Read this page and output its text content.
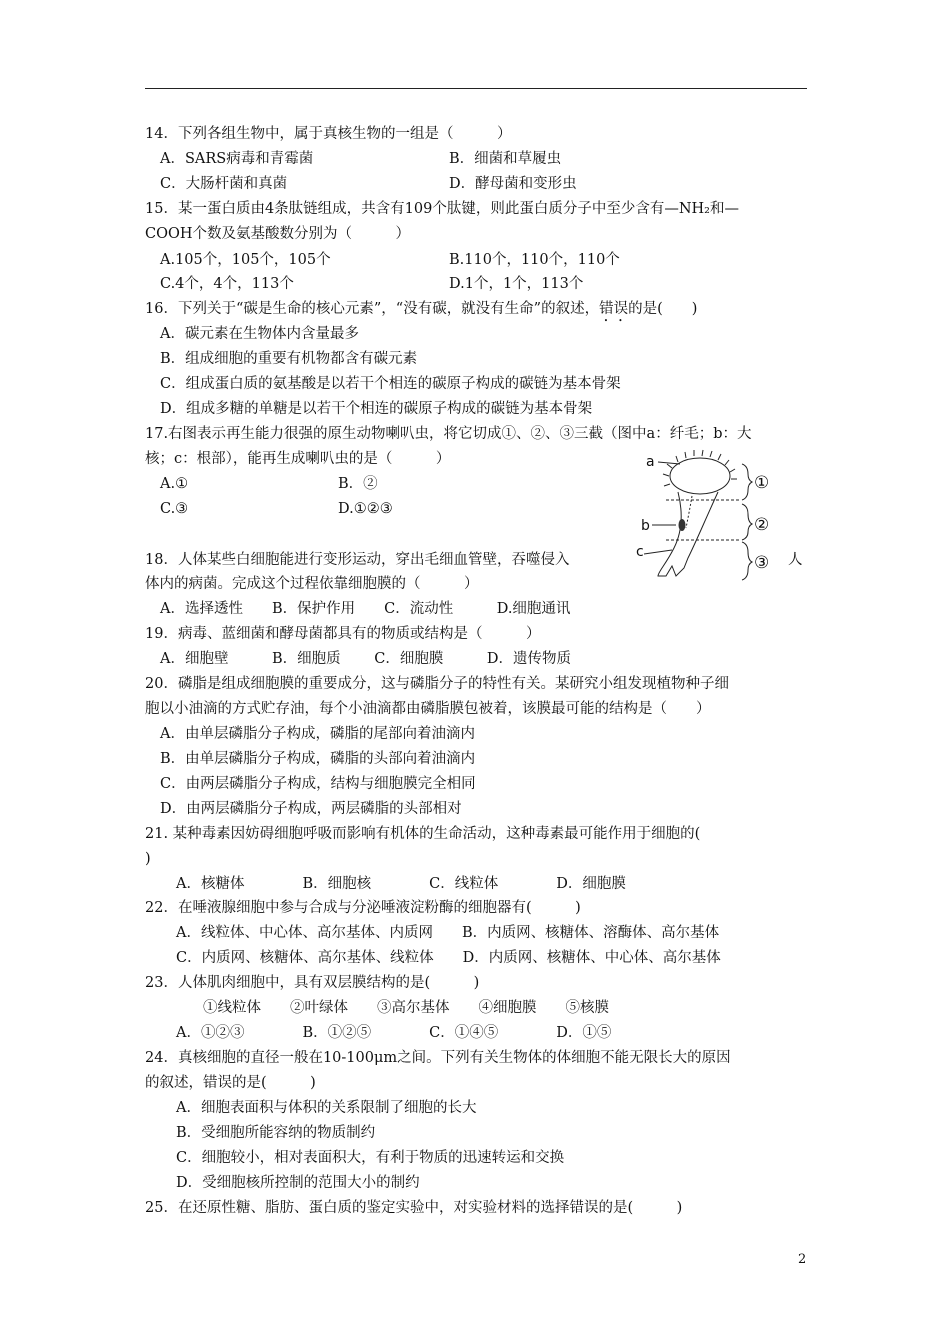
14．下列各组生物中，属于真核生物的一组是（　　　）
A．SARS病毒和青霉菌	B．细菌和草履虫
C．大肠杆菌和真菌	D．酵母菌和变形虫
15．某一蛋白质由4条肽链组成，共含有109个肽键，则此蛋白质分子中至少含有—NH₂和—
COOH个数及氨基酸数分别为（　　　）
A.105个，105个，105个	B.110个，110个，110个
C.4个，4个，113个	D.1个，1个，113个
16．下列关于“碳是生命的核心元素”，“没有碳，就没有生命”的叙述，错误的是(　　)
A．碳元素在生物体内含量最多
B．组成细胞的重要有机物都含有碳元素
C．组成蛋白质的氨基酸是以若干个相连的碳原子构成的碳链为基本骨架
D．组成多糖的单糖是以若干个相连的碳原子构成的碳链为基本骨架
17.右图表示再生能力很强的原生动物喇叭虫，将它切成①、②、③三截（图中a：纤毛；b：大
核；c：根部），能再生成喇叭虫的是（　　　）
A.①	B．②
C.③	D.①②③
a
b
c
①
②
③
18．人体某些白细胞能进行变形运动，穿出毛细血管壁，吞噬侵入	人
体内的病菌。完成这个过程依靠细胞膜的（　　　）
A．选择透性　　B．保护作用　　C．流动性　　　D.细胞通讯
19．病毒、蓝细菌和酵母菌都具有的物质或结构是（　　　）
A．细胞壁　　　B．细胞质　　 C．细胞膜　　　D．遗传物质
20．磷脂是组成细胞膜的重要成分，这与磷脂分子的特性有关。某研究小组发现植物种子细
胞以小油滴的方式贮存油，每个小油滴都由磷脂膜包被着，该膜最可能的结构是（　　）
A．由单层磷脂分子构成，磷脂的尾部向着油滴内
B．由单层磷脂分子构成，磷脂的头部向着油滴内
C．由两层磷脂分子构成，结构与细胞膜完全相同
D．由两层磷脂分子构成，两层磷脂的头部相对
21. 某种毒素因妨碍细胞呼吸而影响有机体的生命活动，这种毒素最可能作用于细胞的(
)
A．核糖体　　　　B．细胞核　　　　C．线粒体　　　　D．细胞膜
22．在唾液腺细胞中参与合成与分泌唾液淀粉酶的细胞器有(　　　)
A．线粒体、中心体、高尔基体、内质网　　B．内质网、核糖体、溶酶体、高尔基体
C．内质网、核糖体、高尔基体、线粒体　　D．内质网、核糖体、中心体、高尔基体
23．人体肌肉细胞中，具有双层膜结构的是(　　　)
①线粒体　　②叶绿体　　③高尔基体　　④细胞膜　　⑤核膜
A．①②③　　　　B．①②⑤　　　　C．①④⑤　　　　D．①⑤
24．真核细胞的直径一般在10-100μm之间。下列有关生物体的体细胞不能无限长大的原因
的叙述，错误的是(　　　)
A．细胞表面积与体积的关系限制了细胞的长大
B．受细胞所能容纳的物质制约
C．细胞较小，相对表面积大，有利于物质的迅速转运和交换
D．受细胞核所控制的范围大小的制约
25．在还原性糖、脂肪、蛋白质的鉴定实验中，对实验材料的选择错误的是(　　　)
2
